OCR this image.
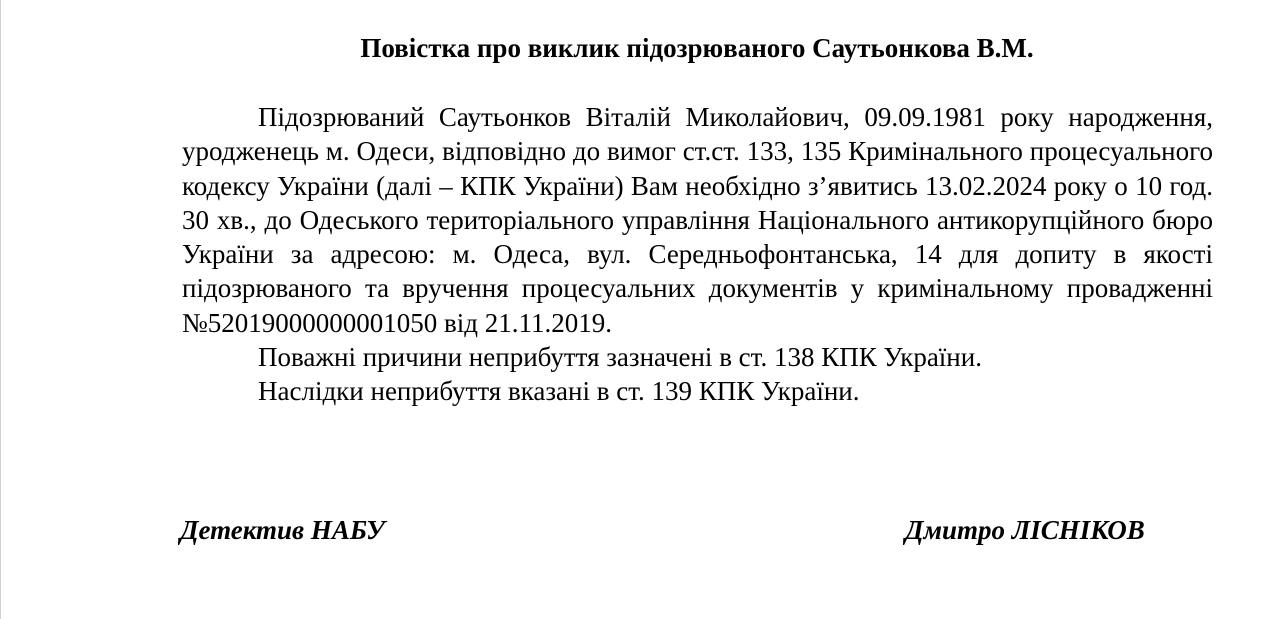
Повістка про виклик підозрюваного Саутьонкова В.М.

Підозрюваний Саутьонков Віталій Миколайович, 09.09.1981 року народження, уродженець м. Одеси, відповідно до вимог ст.ст. 133, 135 Кримінального процесуального кодексу України (далі – КПК України) Вам необхідно з’явитись 13.02.2024 року о 10 год. 30 хв., до Одеського територіального управління Національного антикорупційного бюро України за адресою: м. Одеса, вул. Середньофонтанська, 14 для допиту в якості підозрюваного та вручення процесуальних документів у кримінальному провадженні №52019000000001050 від 21.11.2019.

Поважні причини неприбуття зазначені в ст. 138 КПК України.

Наслідки неприбуття вказані в ст. 139 КПК України.

Детектив НАБУ	Дмитро ЛІСНІКОВ
